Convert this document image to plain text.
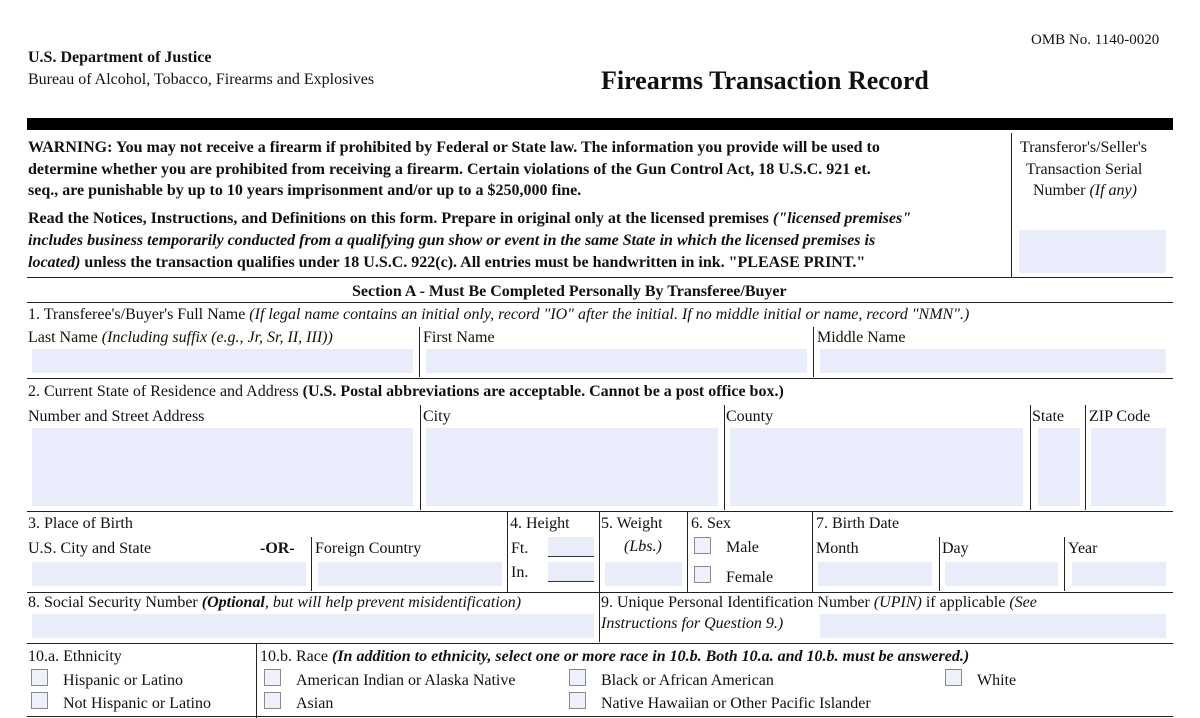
OMB No. 1140-0020
U.S. Department of Justice
Bureau of Alcohol, Tobacco, Firearms and Explosives	Firearms Transaction Record
WARNING: You may not receive a firearm if prohibited by Federal or State law. The information you provide will be used to
determine whether you are prohibited from receiving a firearm. Certain violations of the Gun Control Act, 18 U.S.C. 921 et.
seq., are punishable by up to 10 years imprisonment and/or up to a $250,000 fine.
Read the Notices, Instructions, and Definitions on this form. Prepare in original only at the licensed premises ("licensed premises"
includes business temporarily conducted from a qualifying gun show or event in the same State in which the licensed premises is
located) unless the transaction qualifies under 18 U.S.C. 922(c). All entries must be handwritten in ink. "PLEASE PRINT."
Transferor's/Seller's
Transaction Serial
Number (If any)
Section A - Must Be Completed Personally By Transferee/Buyer
1. Transferee's/Buyer's Full Name (If legal name contains an initial only, record "IO" after the initial. If no middle initial or name, record "NMN".)
Last Name (Including suffix (e.g., Jr, Sr, II, III))	First Name	Middle Name
2. Current State of Residence and Address (U.S. Postal abbreviations are acceptable. Cannot be a post office box.)
Number and Street Address	City	County	State ZIP Code
3. Place of Birth
U.S. City and State	-OR- Foreign Country
4. Height
Ft.
In.
5. Weight
(Lbs.)
6. Sex
Male
Female
7. Birth Date
Month	Day	Year
8. Social Security Number (Optional, but will help prevent misidentification)	9. Unique Personal Identification Number (UPIN) if applicable (See
Instructions for Question 9.)
10.a. Ethnicity
Hispanic or Latino
Not Hispanic or Latino
10.b. Race (In addition to ethnicity, select one or more race in 10.b. Both 10.a. and 10.b. must be answered.)
American Indian or Alaska Native
Asian
Black or African American
Native Hawaiian or Other Pacific Islander
White
